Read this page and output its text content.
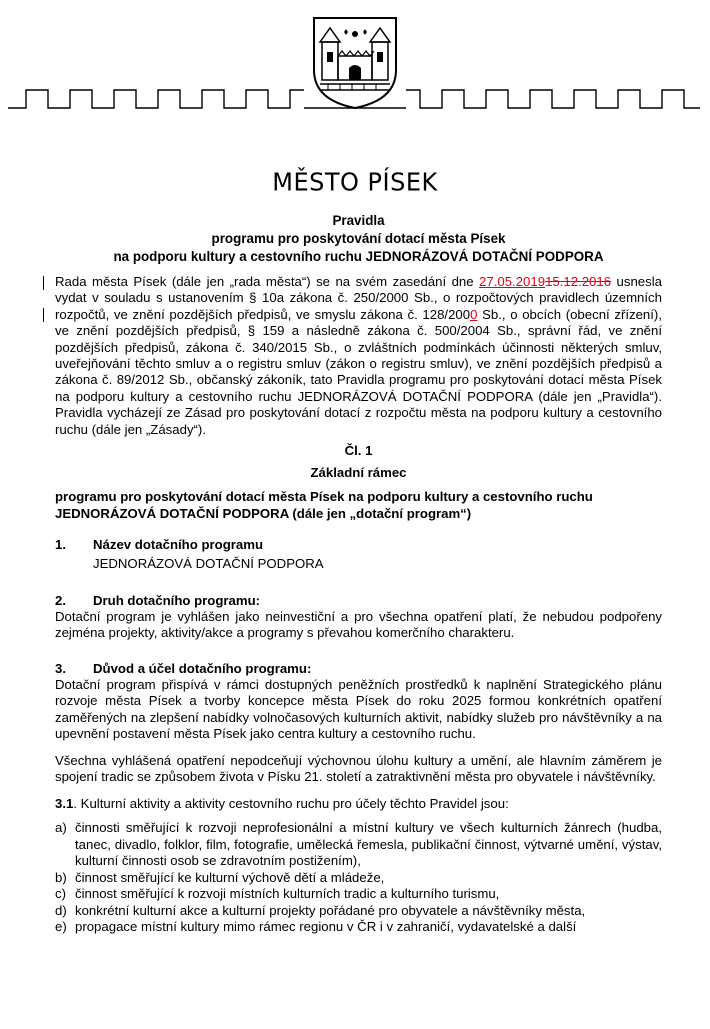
MĚSTO PÍSEK
Pravidla
programu pro poskytování dotací města Písek
na podporu kultury a cestovního ruchu JEDNORÁZOVÁ DOTAČNÍ PODPORA

Rada města Písek (dále jen „rada města“) se na svém zasedání dne 27.05.201915.12.2016 usnesla vydat v souladu s ustanovením § 10a zákona č. 250/2000 Sb., o rozpočtových pravidlech územních rozpočtů, ve znění pozdějších předpisů, ve smyslu zákona č. 128/2000 Sb., o obcích (obecní zřízení), ve znění pozdějších předpisů, § 159 a následně zákona č. 500/2004 Sb., správní řád, ve znění pozdějších předpisů, zákona č. 340/2015 Sb., o zvláštních podmínkách účinnosti některých smluv, uveřejňování těchto smluv a o registru smluv (zákon o registru smluv), ve znění pozdějších předpisů a zákona č. 89/2012 Sb., občanský zákoník, tato Pravidla programu pro poskytování dotací města Písek na podporu kultury a cestovního ruchu JEDNORÁZOVÁ DOTAČNÍ PODPORA (dále jen „Pravidla“). Pravidla vycházejí ze Zásad pro poskytování dotací z rozpočtu města na podporu kultury a cestovního ruchu (dále jen „Zásady“).

Čl. 1
Základní rámec

programu pro poskytování dotací města Písek na podporu kultury a cestovního ruchu JEDNORÁZOVÁ DOTAČNÍ PODPORA (dále jen „dotační program“)

1.	Název dotačního programu

JEDNORÁZOVÁ DOTAČNÍ PODPORA

2.	Druh dotačního programu:

Dotační program je vyhlášen jako neinvestiční a pro všechna opatření platí, že nebudou podpořeny zejména projekty, aktivity/akce a programy s převahou komerčního charakteru.

3.	Důvod a účel dotačního programu:

Dotační program přispívá v rámci dostupných peněžních prostředků k naplnění Strategického plánu rozvoje města Písek a tvorby koncepce města Písek do roku 2025 formou konkrétních opatření zaměřených na zlepšení nabídky volnočasových kulturních aktivit, nabídky služeb pro návštěvníky a na upevnění postavení města Písek jako centra kultury a cestovního ruchu.

Všechna vyhlášená opatření nepodceňují výchovnou úlohu kultury a umění, ale hlavním záměrem je spojení tradic se způsobem života v Písku 21. století a zatraktivnění města pro obyvatele i návštěvníky.

3.1. Kulturní aktivity a aktivity cestovního ruchu pro účely těchto Pravidel jsou:

a) činnosti směřující k rozvoji neprofesionální a místní kultury ve všech kulturních žánrech (hudba, tanec, divadlo, folklor, film, fotografie, umělecká řemesla, publikační činnost, výtvarné umění, výstav, kulturní činnosti osob se zdravotním postižením),
b) činnost směřující ke kulturní výchově dětí a mládeže,
c) činnost směřující k rozvoji místních kulturních tradic a kulturního turismu,
d) konkrétní kulturní akce a kulturní projekty pořádané pro obyvatele a návštěvníky města,
e) propagace místní kultury mimo rámec regionu v ČR i v zahraničí, vydavatelské a další
